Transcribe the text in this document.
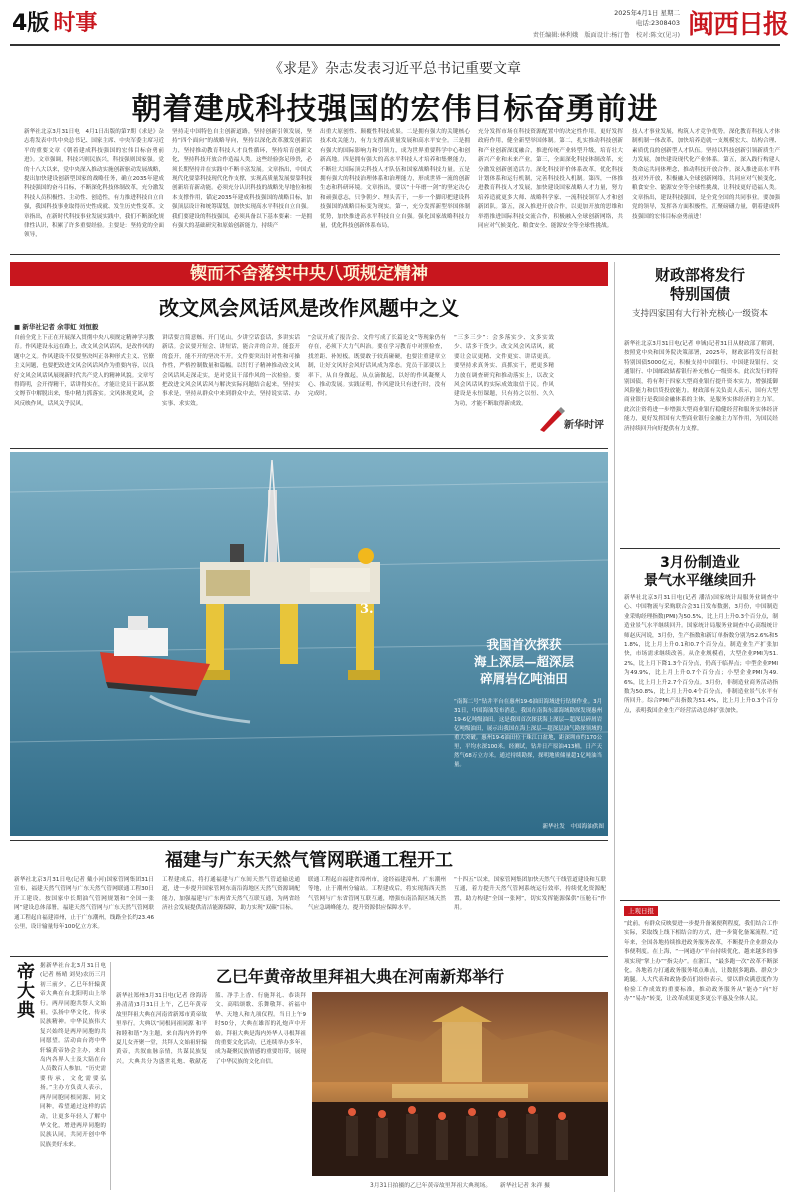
4版 时事	2025年4月1日 星期二
电话:2308403
责任编辑:林利娥　版面设计:杨汀鲁　校对:陈文(见习) 闽西日报
《求是》杂志发表习近平总书记重要文章
朝着建成科技强国的宏伟目标奋勇前进
新华社北京3月31日电　4月1日出版的第7期《求是》杂志将发表中共中央总书记、国家主席、中央军委主席习近平的重要文章《朝着建成科技强国的宏伟目标奋勇前进》。文章强调，科技兴则民族兴，科技强则国家强。党的十八大以来，党中央深入推动实施创新驱动发展战略，提出加快建设创新型国家的战略任务，确立2035年建成科技强国的奋斗目标，不断深化科技体制改革，充分激发科技人员积极性、主动性、创造性，有力推进科技自立自强，我国科技事业取得历史性成就、发生历史性变革。文章指出，在新时代科技事业发展实践中，我们不断深化规律性认识，积累了许多重要经验。主要是：坚持党的全面领导，
坚持走中国特色自主创新道路，坚持创新引领发展，坚持“四个面向”的战略导向，坚持以深化改革激发创新活力，坚持推动教育科技人才良性循环，坚持培育创新文化，坚持科技开放合作造福人类。这些经验弥足珍贵，必须长期坚持并在实践中不断丰富发展。文章指出，中国式现代化要靠科技现代化作支撑，实现高质量发展要靠科技创新培育新动能。必须充分认识科技的战略先导地位和根本支撑作用，锚定2035年建成科技强国的战略目标，加强顶层设计和统筹谋划，加快实现高水平科技自立自强。我们要建设的科技强国，必须具备以下基本要素：一是拥有强大的基础研究和原始创新能力，持续产
出重大原创性、颠覆性科技成果。二是拥有强大的关键核心技术攻关能力，有力支撑高质量发展和高水平安全。三是拥有强大的国际影响力和引领力，成为世界重要科学中心和创新高地。四是拥有强大的高水平科技人才培养和集聚能力，不断壮大国际顶尖科技人才队伍和国家战略科技力量。五是拥有强大的科技治理体系和治理能力，形成世界一流的创新生态和科研环境。文章指出，要以“十年磨一剑”的坚定决心和顽强意志，只争朝夕、埋头苦干，一步一个脚印把建设科技强国的战略目标变为现实。第一，充分发挥新型举国体制优势，加快推进高水平科技自立自强。强化国家战略科技力量，优化科技创新体系布局，
充分发挥市场在科技资源配置中的决定性作用，更好发挥政府作用，健全新型举国体制。第二，扎实推动科技创新和产业创新深度融合，推进传统产业转型升级，培育壮大新兴产业和未来产业。第三，全面深化科技体制改革，充分激发创新创造活力。深化科技评价体系改革，优化科技计划体系和运行机制，完善科技投入机制。第四，一体推进教育科技人才发展，加快建设国家战略人才力量，努力培养造就更多大师、战略科学家、一流科技领军人才和创新团队。第五，深入推进开放合作，以更加开放的思维和举措推进国际科技交流合作，积极融入全球创新网络，共同应对气候变化、粮食安全、能源安全等全球性挑战。
技人才事业发展，构筑人才竞争优势。深化教育科技人才体制机制一体改革，加快培养造就一支规模宏大、结构合理、素质优良的创新型人才队伍。坚持以科技创新引领新质生产力发展，加快建设现代化产业体系。第五，深入践行构建人类命运共同体理念，推动科技开放合作。深入推进高水平科技对外开放，积极融入全球创新网络，共同应对气候变化、粮食安全、能源安全等全球性挑战，让科技更好造福人类。文章指出，建设科技强国，是全党全国的共同事业。要加强党的领导，发挥各方面积极性，汇聚磅礴力量，朝着建成科技强国的宏伟目标奋勇前进！
锲而不舍落实中央八项规定精神
改文风会风话风是改作风题中之义
■ 新华社记者 余菲虹 刘恒毅
自前全党上下正在开展深入贯彻中央八项规定精神学习教育。作风建设永远在路上，改文风会风话风，是改作风的题中之义。作风建设不仅要坚决纠正各种形式主义、官僚主义问题，也要把改进文风会风话风作为重要内容，以良好文风会风话风展现新时代共产党人的精神风貌。文章写得简明，会开得精干，话讲得实在，才能让党员干部从繁文缛节中解脱出来，集中精力抓落实。文风体现党风，会风反映作风，话风关乎民风。
讲话要言简意赅、开门见山，少讲空话套话，多讲实话新话。会议要开短会、讲短话，能合并的合并，能套开的套开，能不开的坚决不开。文件要突出针对性和可操作性，严格控制数量和篇幅。以钉钉子精神推动改文风会风话风走深走实，是对党员干部作风的一次检验。要把改进文风会风话风与解决实际问题结合起来，坚持实事求是，坚持从群众中来到群众中去，坚持说实话、办实事、求实效。
“会议开成了报告会、文件写成了长篇论文”等现象仍有存在，必须下大力气纠治。要在学习教育中对照检查，找差距、补短板。既要敢于较真碰硬，也要注重建章立制，让好文风好会风好话风成为常态。党员干部要以上率下，从自身做起，从点滴做起，以好的作风凝聚人心、推动发展。实践证明，作风建设只有进行时，没有完成时。
“三多三少”：会多落实少、文多实效少、话多干货少。改文风会风话风，就要让会议更精、文件更实、讲话更真。要坚持求真务实、真抓实干，把更多精力放在调查研究和推动落实上，以改文风会风话风的实际成效取信于民。作风建设是永恒课题，只有持之以恒、久久为功，才能不断取得新成效。
新华时评
3.
我国首次探获
海上深层—超深层
碎屑岩亿吨油田
“南海二号”钻井平台在惠州19-6油田海域进行钻探作业。3月31日，中国海油发布消息，我国在南海东部海域勘探发现惠州19-6亿吨级油田。这是我国首次探获海上深层—超深层碎屑岩亿吨级油田，展示出我国在海上深层—超深层油气勘探领域的重大突破。惠州19-6油田位于珠江口盆地，距深圳市约170公里，平均水深100米。经测试，钻井日产原油413桶，日产天然气68万立方米。通过持续勘探，探明地质储量超1亿吨油当量。
新华社发　中国海油供图
福建与广东天然气管网联通工程开工
新华社北京3月31日电(记者 戴小河)国家管网集团31日宣布，福建天然气管网与广东天然气管网联通工程30日开工建设。按国家中长期油气管网规划和“全国一张网”建设总体部署，福建天然气管网与广东天然气管网联通工程起自福建漳州，止于广东潮州，线路全长约23.46公里，设计输量每年100亿立方米。
工程建成后，将打通福建与广东间天然气管道输送通道，进一步提升国家管网东南沿海地区天然气资源调配能力，加强福建与广东两省天然气互联互通，为两省经济社会发展提供清洁能源保障，助力实现“双碳”目标。
联通工程起自福建省漳州市，途经福建漳州、广东潮州等地，止于潮州分输站。工程建成后，将实现海西天然气管网与广东省管网互联互通，增强东南沿海区域天然气应急调峰能力，提升资源供应保障水平。
“十四五”以来，国家管网集团加快天然气干线管道建设和互联互通，着力提升天然气管网系统运行效率，持续优化资源配置，助力构建“全国一张网”，切实发挥能源保供“压舱石”作用。
帝大典
据新华社台北3月31日电(记者 杨晴 刘昊)农历三月初三前夕，乙巳年轩辕黄帝大典在台北阳明山上举行。两岸同胞共祭人文始祖，弘扬中华文化，传承民族精神。中华民族伟大复兴始终是两岸同胞的共同愿望。活动由台湾中华轩辕黄帝协会主办，来自岛内各界人士及大陆在台人员数百人参加。“历史需要传承，文化需要弘扬。”主办方负责人表示，两岸同胞同根同源、同文同种，希望通过这样的活动，让更多年轻人了解中华文化，增进两岸同胞的民族认同，共同开创中华民族美好未来。
乙巳年黄帝故里拜祖大典在河南新郑举行
新华社郑州3月31日电(记者 徐海涛 孙清清)3月31日上午，乙巳年黄帝故里拜祖大典在河南省新郑市黄帝故里举行。大典以“同根同祖同源 和平和睦和谐”为主题，来自海内外的华夏儿女齐聚一堂，共拜人文始祖轩辕黄帝，共叙血脉亲情，共谋民族复兴。大典共分为盛世礼炮、敬献花篮、净手上香、行施拜礼、恭读拜文、高唱颂歌、乐舞敬拜、祈福中华、天地人和九项仪程。当日上午9时50分，大典在雄浑的礼炮声中开始。拜祖大典是海内外华人寻根拜祖的重要文化活动，已连续举办多年，成为凝聚民族情感的重要纽带，展现了中华民族的文化自信。
3月31日拍摄的乙巳年黄帝故里拜祖大典现场。　　新华社记者 朱祥 摄
财政部将发行
特别国债
支持四家国有大行补充核心一级资本
新华社北京3月31日电(记者 申铖)记者31日从财政部了解到，按照党中央和国务院决策部署，2025年，财政部将发行首批特别国债5000亿元，积极支持中国银行、中国建设银行、交通银行、中国邮政储蓄银行补充核心一级资本。此次发行的特别国债，将有利于四家大型商业银行提升资本实力，增强抵御风险能力和信贷投放能力。财政部有关负责人表示，国有大型商业银行是我国金融体系的主体，是服务实体经济的主力军。此次注资将进一步增强大型商业银行稳健经营和服务实体经济能力，更好发挥国有大型商业银行金融主力军作用，为国民经济持续回升向好提供有力支撑。
3月份制造业
景气水平继续回升
新华社北京3月31日电(记者 潘洁)国家统计局服务业调查中心、中国物流与采购联合会31日发布数据，3月份，中国制造业采购经理指数(PMI)为50.5%，比上月上升0.3个百分点，制造业景气水平继续回升。国家统计局服务业调查中心高级统计师赵庆河说，3月份，生产指数和新订单指数分别为52.6%和51.8%，比上月上升0.1和0.7个百分点，制造业生产扩张加快，市场需求继续改善。从企业规模看，大型企业PMI为51.2%，比上月下降1.3个百分点，仍高于临界点；中型企业PMI为49.9%，比上月上升0.7个百分点；小型企业PMI为49.6%，比上月上升2.7个百分点。3月份，非制造业商务活动指数为50.8%，比上月上升0.4个百分点，非制造业景气水平有所回升。综合PMI产出指数为51.4%，比上月上升0.3个百分点，表明我国企业生产经营活动总体扩张加快。
上观日报
“此前，有群众反映要进一步提升备案便利程度，我们结合工作实际，采取线上线下相结合的方式，进一步简化备案流程。”近年来，全国各地持续推进政务服务改革，不断提升企业群众办事便利度。在上海，“一网通办”平台持续优化，越来越多的事项实现“掌上办”“指尖办”。在浙江，“最多跑一次”改革不断深化。各地着力打通政务服务堵点难点，让数据多跑路、群众少跑腿。人大代表和政协委员们纷纷表示，要以群众满意度作为检验工作成效的重要标准，推动政务服务从“能办”向“好办”“易办”转变，让改革成果更多更公平惠及全体人民。
